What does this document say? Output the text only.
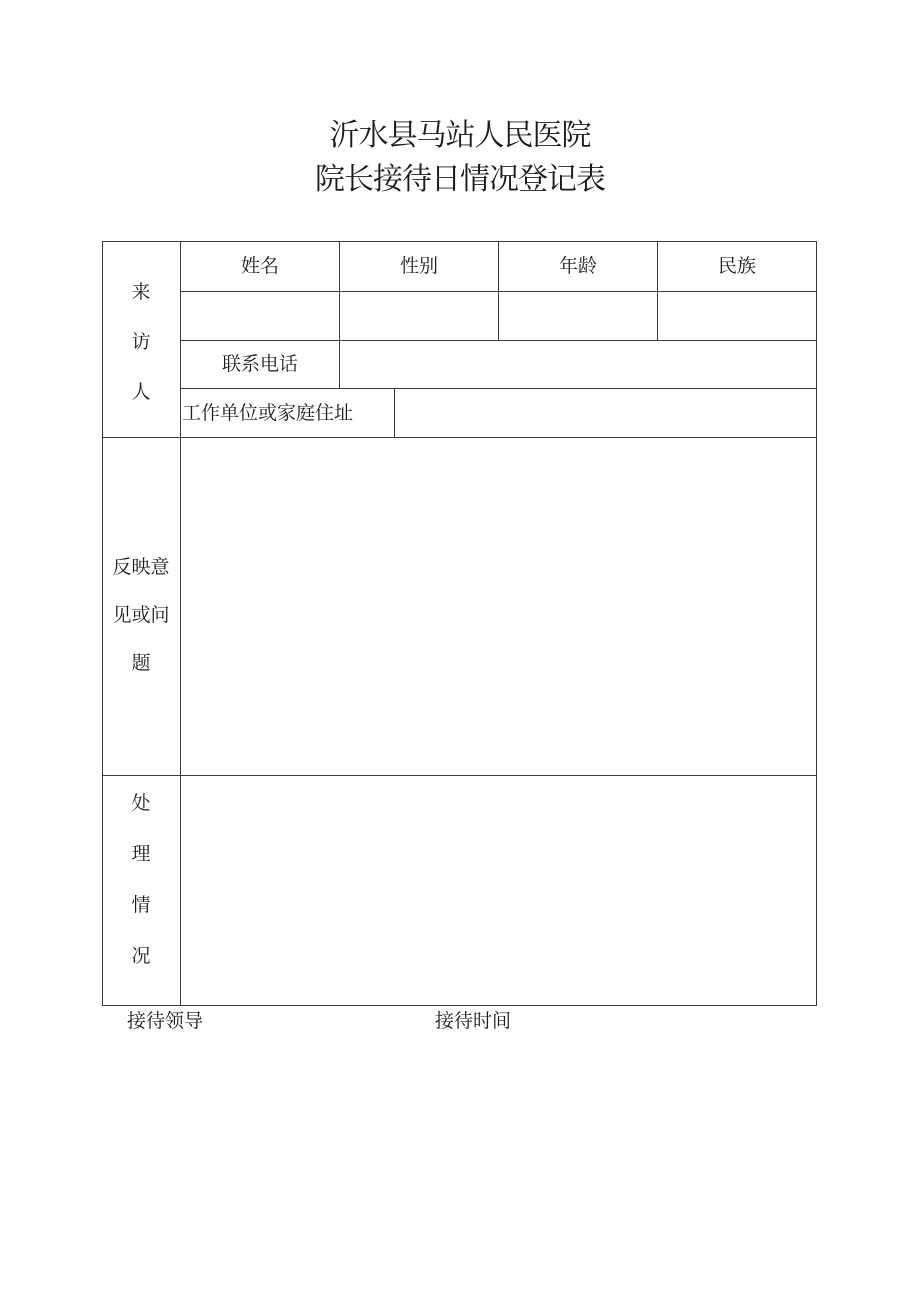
沂水县马站人民医院
院长接待日情况登记表
来
访
人
姓名	性别	年龄	民族
联系电话
工作单位或家庭住址
反映意
见或问
题
处
理
情
况
接待领导	接待时间
